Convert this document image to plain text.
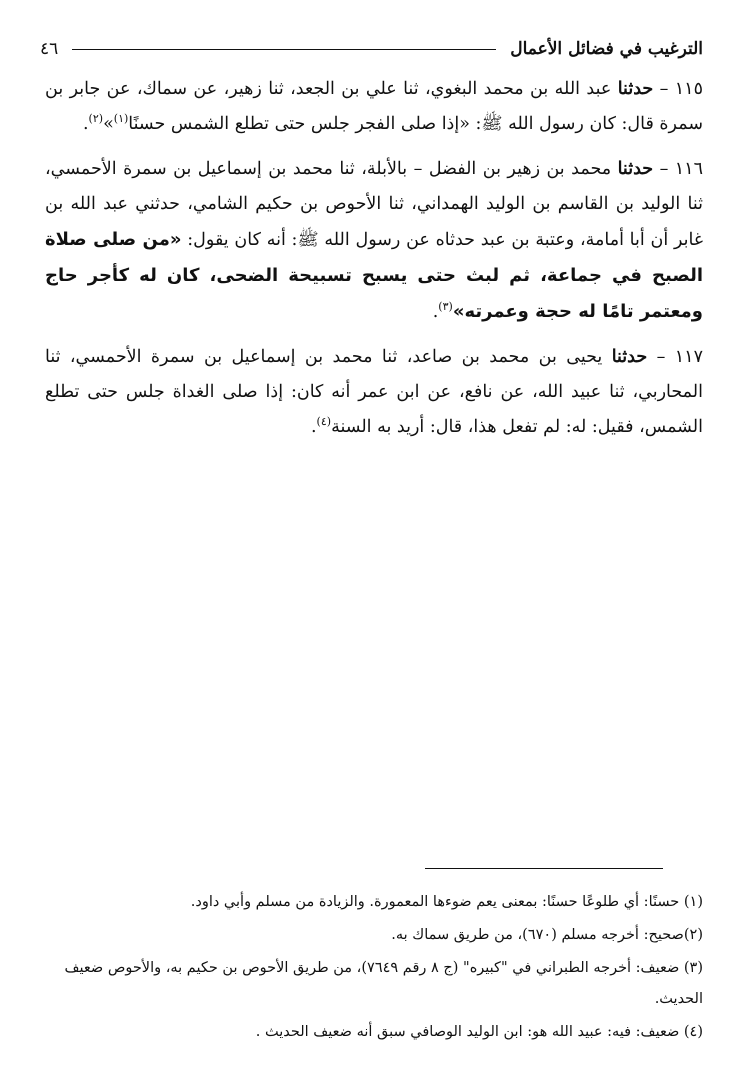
الترغيب في فضائل الأعمال
٤٦

١١٥ – حدثنا عبد الله بن محمد البغوي، ثنا علي بن الجعد، ثنا زهير، عن سماك، عن جابر بن سمرة قال: كان رسول الله ﷺ: «إذا صلى الفجر جلس حتى تطلع الشمس حسنًا$^{(١)}$»$^{(٢)}$.

١١٦ – حدثنا محمد بن زهير بن الفضل – بالأبلة، ثنا محمد بن إسماعيل بن سمرة الأحمسي، ثنا الوليد بن القاسم بن الوليد الهمداني، ثنا الأحوص بن حكيم الشامي، حدثني عبد الله بن غابر أن أبا أمامة، وعتبة بن عبد حدثاه عن رسول الله ﷺ: أنه كان يقول: «من صلى صلاة الصبح في جماعة، ثم لبث حتى يسبح تسبيحة الضحى، كان له كأجر حاج ومعتمر تامًا له حجة وعمرته»$^{(٣)}$.

١١٧ – حدثنا يحيى بن محمد بن صاعد، ثنا محمد بن إسماعيل بن سمرة الأحمسي، ثنا المحاربي، ثنا عبيد الله، عن نافع، عن ابن عمر أنه كان: إذا صلى الغداة جلس حتى تطلع الشمس، فقيل: له: لم تفعل هذا، قال: أريد به السنة$^{(٤)}$.

(١) حسنًا: أي طلوعًا حسنًا: بمعنى يعم ضوءها المعمورة. والزيادة من مسلم وأبي داود.

(٢)صحيح: أخرجه مسلم (٦٧٠)، من طريق سماك به.

(٣) ضعيف: أخرجه الطبراني في "كبيره" (ج ٨ رقم ٧٦٤٩)، من طريق الأحوص بن حكيم به، والأحوص ضعيف الحديث.

(٤) ضعيف: فيه: عبيد الله هو: ابن الوليد الوصافي سبق أنه ضعيف الحديث .
